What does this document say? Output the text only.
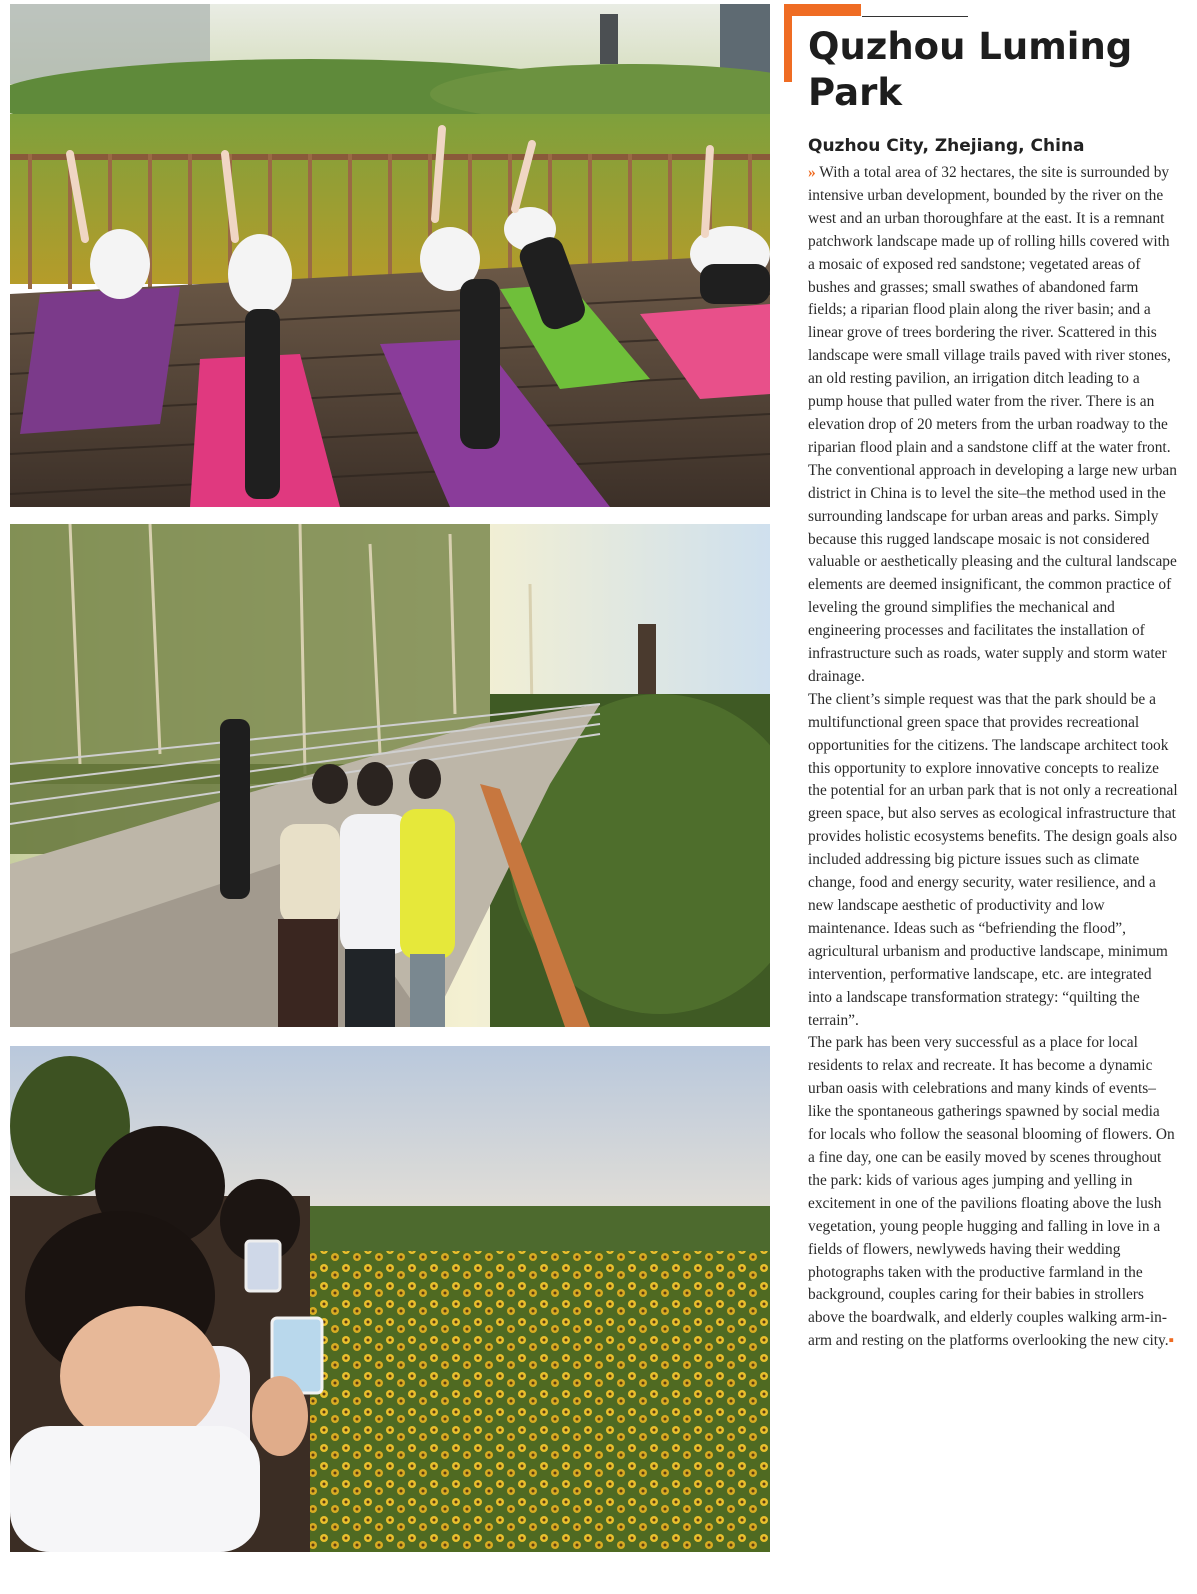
Quzhou Luming
Park
Quzhou City, Zhejiang, China

» With a total area of 32 hectares, the site is surrounded by intensive urban development, bounded by the river on the west and an urban thoroughfare at the east. It is a remnant patchwork landscape made up of rolling hills covered with a mosaic of exposed red sandstone; vegetated areas of bushes and grasses; small swathes of abandoned farm fields; a riparian flood plain along the river basin; and a linear grove of trees bordering the river. Scattered in this landscape were small village trails paved with river stones, an old resting pavilion, an irrigation ditch leading to a pump house that pulled water from the river. There is an elevation drop of 20 meters from the urban roadway to the riparian flood plain and a sandstone cliff at the water front. The conventional approach in developing a large new urban district in China is to level the site–the method used in the surrounding landscape for urban areas and parks. Simply because this rugged landscape mosaic is not considered valuable or aesthetically pleasing and the cultural landscape elements are deemed insignificant, the common practice of leveling the ground simplifies the mechanical and engineering processes and facilitates the installation of infrastructure such as roads, water supply and storm water drainage.
The client’s simple request was that the park should be a multifunctional green space that provides recreational opportunities for the citizens. The landscape architect took this opportunity to explore innovative concepts to realize the potential for an urban park that is not only a recreational green space, but also serves as ecological infrastructure that provides holistic ecosystems benefits. The design goals also included addressing big picture issues such as climate change, food and energy security, water resilience, and a new landscape aesthetic of productivity and low maintenance. Ideas such as “befriending the flood”, agricultural urbanism and productive landscape, minimum intervention, performative landscape, etc. are integrated into a landscape transformation strategy: “quilting the terrain”.
The park has been very successful as a place for local residents to relax and recreate. It has become a dynamic urban oasis with celebrations and many kinds of events–like the spontaneous gatherings spawned by social media for locals who follow the seasonal blooming of flowers. On a fine day, one can be easily moved by scenes throughout the park: kids of various ages jumping and yelling in excitement in one of the pavilions floating above the lush vegetation, young people hugging and falling in love in a fields of flowers, newlyweds having their wedding photographs taken with the productive farmland in the background, couples caring for their babies in strollers above the boardwalk, and elderly couples walking arm-in-arm and resting on the platforms overlooking the new city.▪
